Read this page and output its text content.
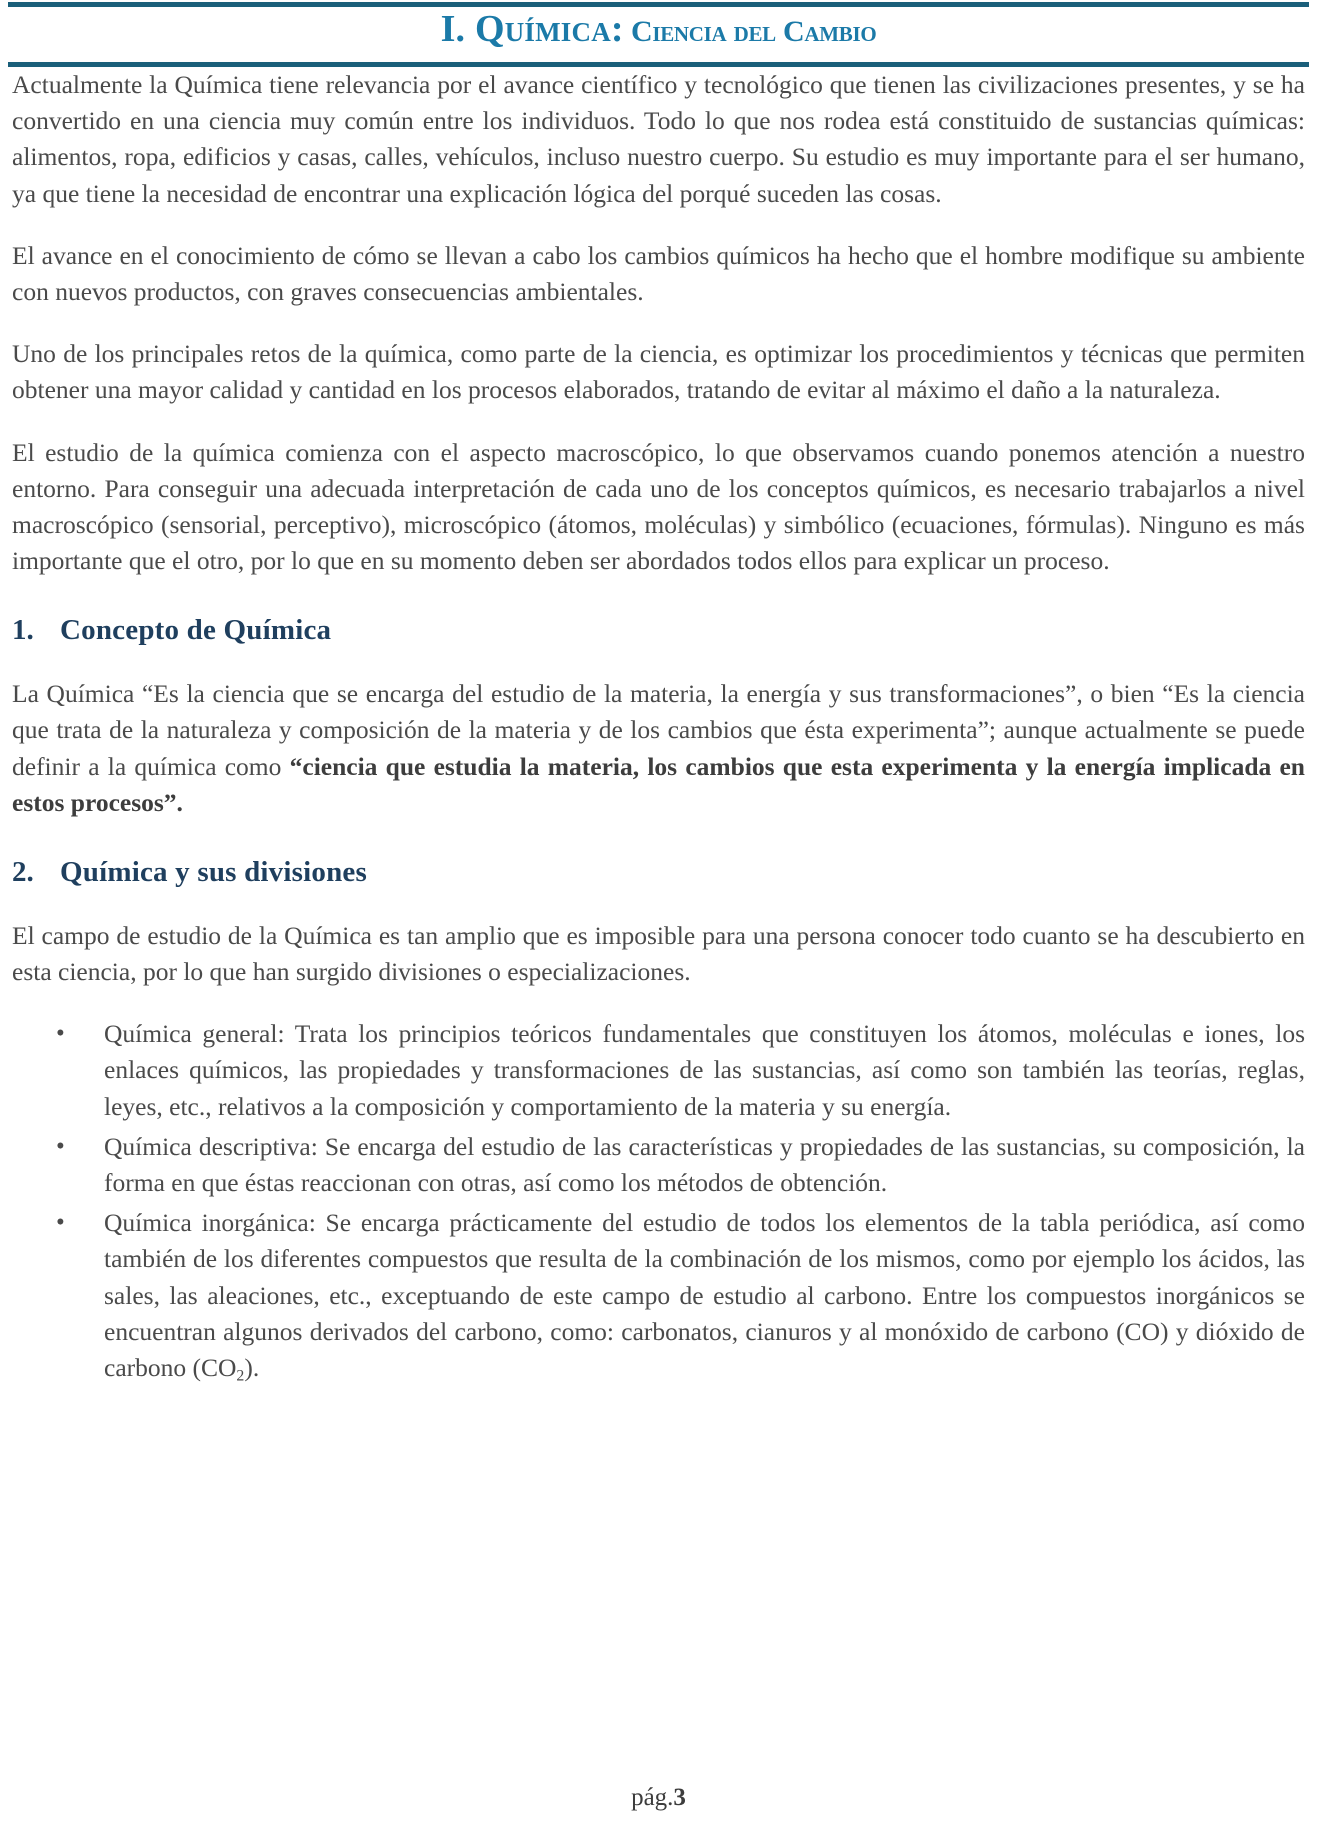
I. Química: Ciencia del Cambio

Actualmente la Química tiene relevancia por el avance científico y tecnológico que tienen las civilizaciones presentes, y se ha convertido en una ciencia muy común entre los individuos. Todo lo que nos rodea está constituido de sustancias químicas: alimentos, ropa, edificios y casas, calles, vehículos, incluso nuestro cuerpo. Su estudio es muy importante para el ser humano, ya que tiene la necesidad de encontrar una explicación lógica del porqué suceden las cosas.

El avance en el conocimiento de cómo se llevan a cabo los cambios químicos ha hecho que el hombre modifique su ambiente con nuevos productos, con graves consecuencias ambientales.

Uno de los principales retos de la química, como parte de la ciencia, es optimizar los procedimientos y técnicas que permiten obtener una mayor calidad y cantidad en los procesos elaborados, tratando de evitar al máximo el daño a la naturaleza.

El estudio de la química comienza con el aspecto macroscópico, lo que observamos cuando ponemos atención a nuestro entorno. Para conseguir una adecuada interpretación de cada uno de los conceptos químicos, es necesario trabajarlos a nivel macroscópico (sensorial, perceptivo), microscópico (átomos, moléculas) y simbólico (ecuaciones, fórmulas). Ninguno es más importante que el otro, por lo que en su momento deben ser abordados todos ellos para explicar un proceso.

1. Concepto de Química

La Química “Es la ciencia que se encarga del estudio de la materia, la energía y sus transformaciones”, o bien “Es la ciencia que trata de la naturaleza y composición de la materia y de los cambios que ésta experimenta”; aunque actualmente se puede definir a la química como “ciencia que estudia la materia, los cambios que esta experimenta y la energía implicada en estos procesos”.

2. Química y sus divisiones

El campo de estudio de la Química es tan amplio que es imposible para una persona conocer todo cuanto se ha descubierto en esta ciencia, por lo que han surgido divisiones o especializaciones.

• Química general: Trata los principios teóricos fundamentales que constituyen los átomos, moléculas e iones, los enlaces químicos, las propiedades y transformaciones de las sustancias, así como son también las teorías, reglas, leyes, etc., relativos a la composición y comportamiento de la materia y su energía.
• Química descriptiva: Se encarga del estudio de las características y propiedades de las sustancias, su composición, la forma en que éstas reaccionan con otras, así como los métodos de obtención.
• Química inorgánica: Se encarga prácticamente del estudio de todos los elementos de la tabla periódica, así como también de los diferentes compuestos que resulta de la combinación de los mismos, como por ejemplo los ácidos, las sales, las aleaciones, etc., exceptuando de este campo de estudio al carbono. Entre los compuestos inorgánicos se encuentran algunos derivados del carbono, como: carbonatos, cianuros y al monóxido de carbono (CO) y dióxido de carbono $(CO_2)$.
pág.3
